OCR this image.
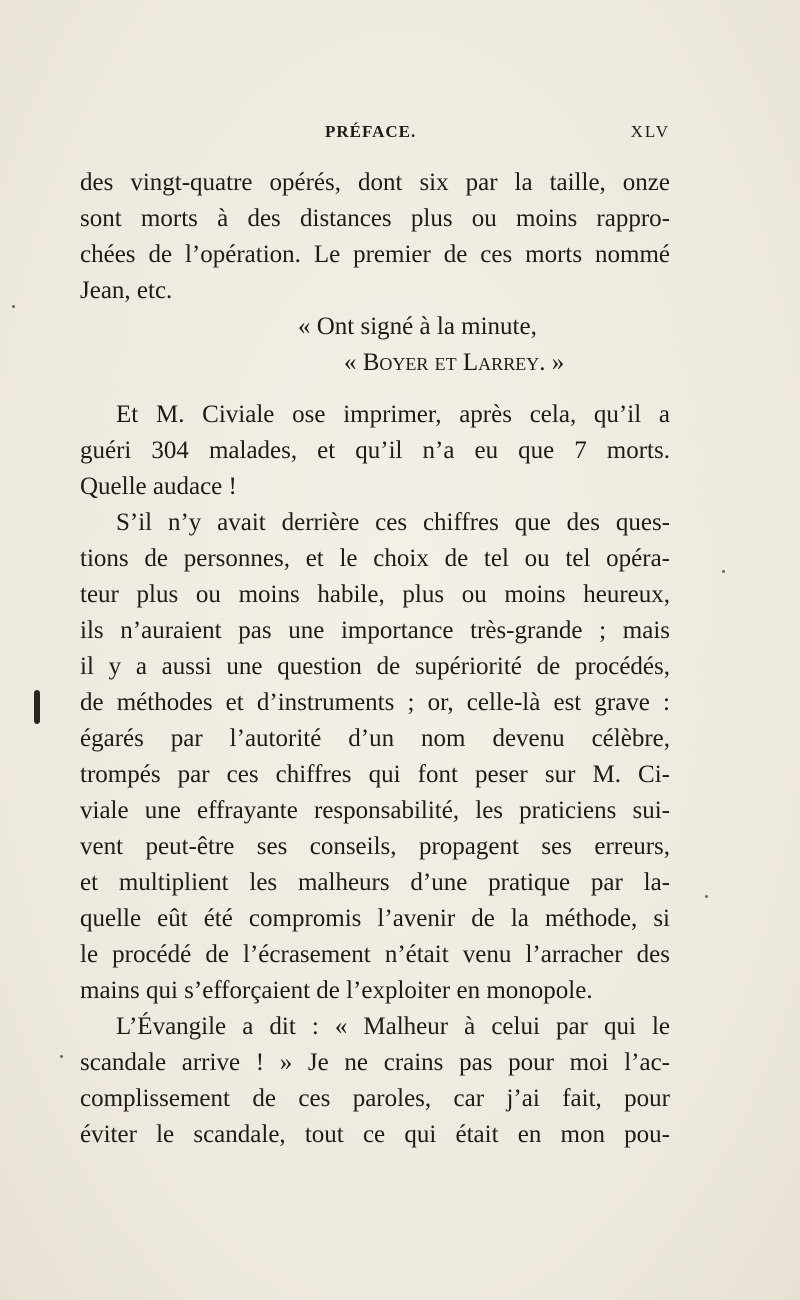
PRÉFACE.	XLV
des vingt-quatre opérés, dont six par la taille, onze
sont morts à des distances plus ou moins rappro-
chées de l’opération. Le premier de ces morts nommé
Jean, etc.
« Ont signé à la minute,
« Boyer et Larrey. »
Et M. Civiale ose imprimer, après cela, qu’il a
guéri 304 malades, et qu’il n’a eu que 7 morts.
Quelle audace !
S’il n’y avait derrière ces chiffres que des ques-
tions de personnes, et le choix de tel ou tel opéra-
teur plus ou moins habile, plus ou moins heureux,
ils n’auraient pas une importance très-grande ; mais
il y a aussi une question de supériorité de procédés,
de méthodes et d’instruments ; or, celle-là est grave :
égarés par l’autorité d’un nom devenu célèbre,
trompés par ces chiffres qui font peser sur M. Ci-
viale une effrayante responsabilité, les praticiens sui-
vent peut-être ses conseils, propagent ses erreurs,
et multiplient les malheurs d’une pratique par la-
quelle eût été compromis l’avenir de la méthode, si
le procédé de l’écrasement n’était venu l’arracher des
mains qui s’efforçaient de l’exploiter en monopole.
L’Évangile a dit : « Malheur à celui par qui le
scandale arrive ! » Je ne crains pas pour moi l’ac-
complissement de ces paroles, car j’ai fait, pour
éviter le scandale, tout ce qui était en mon pou-
